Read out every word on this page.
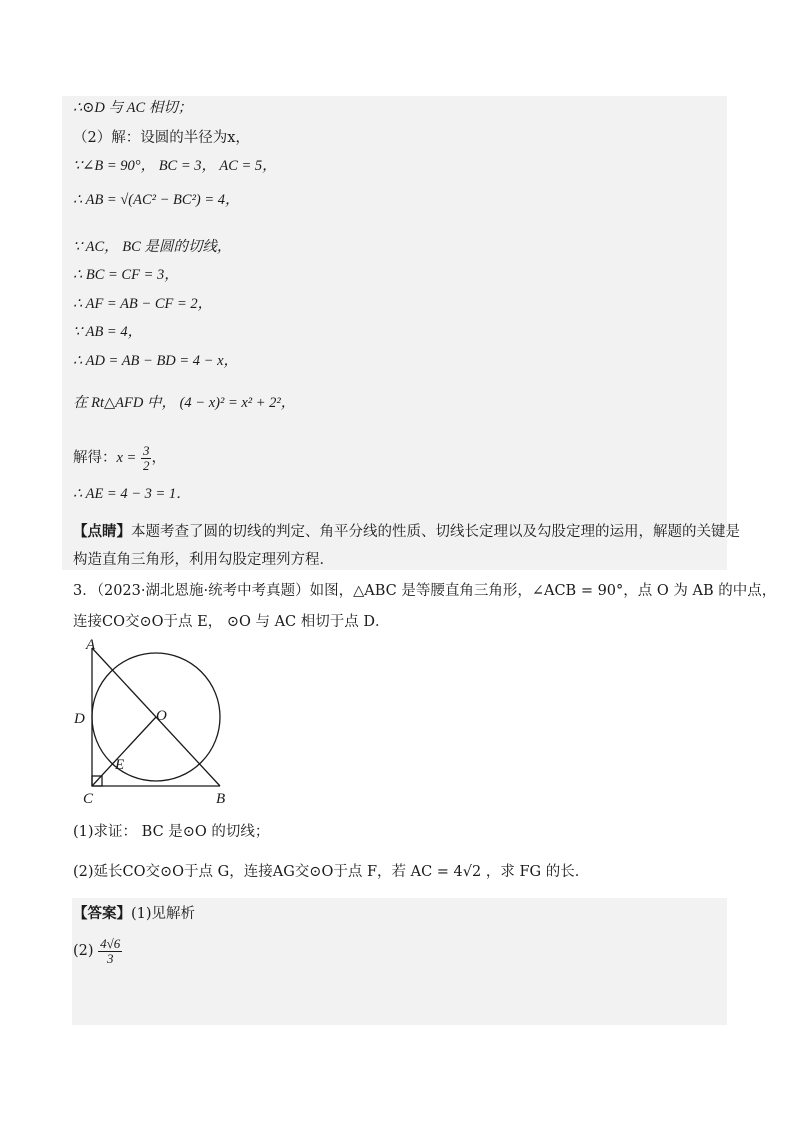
∴⊙D 与 AC 相切；
（2）解：设圆的半径为x，
∵∠B = 90°， BC = 3， AC = 5，
∴ AB = √(AC² − BC²) = 4，
∵ AC， BC 是圆的切线，
∴ BC = CF = 3，
∴ AF = AB − CF = 2，
∵ AB = 4，
∴ AD = AB − BD = 4 − x，
在 Rt△AFD 中， (4 − x)² = x² + 2²，
解得：$x = \frac{3}{2}$ ，
∴ AE = 4 − 3 = 1．
【点睛】本题考查了圆的切线的判定、角平分线的性质、切线长定理以及勾股定理的运用，解题的关键是
构造直角三角形，利用勾股定理列方程．
3．（2023·湖北恩施·统考中考真题）如图，△ABC 是等腰直角三角形，∠ACB = 90°，点 O 为 AB 的中点，
连接CO交⊙O于点 E， ⊙O 与 AC 相切于点 D．
A
D	O
E
C	B
(1)求证： BC 是⊙O 的切线；
(2)延长CO交⊙O于点 G，连接AG交⊙O于点 F，若 AC = 4√2 ，求 FG 的长．
【答案】(1)见解析
$(2) \frac{4√6}{3}$
